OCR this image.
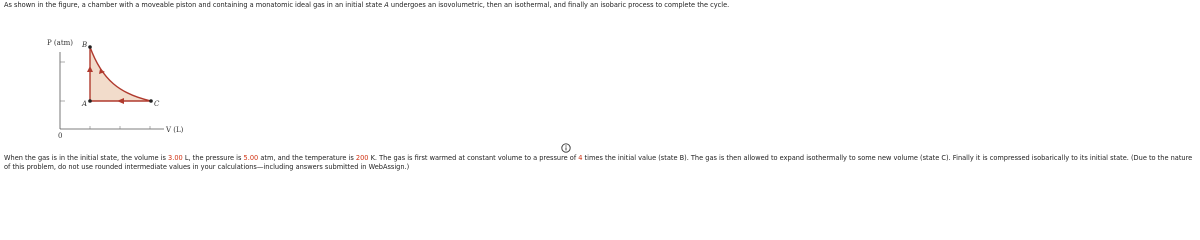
As shown in the figure, a chamber with a moveable piston and containing a monatomic ideal gas in an initial state A undergoes an isovolumetric, then an isothermal, and finally an isobaric process to complete the cycle.
P (atm) B
A	C
0
V (L)
When the gas is in the initial state, the volume is 3.00 L, the pressure is 5.00 atm, and the temperature is 200 K. The gas is first warmed at constant volume to a pressure of 4 times the initial value (state B). The gas is then allowed to expand isothermally to some new volume (state C). Finally it is compressed isobarically to its initial state. (Due to the nature of this problem, do not use rounded intermediate values in your calculations—including answers submitted in WebAssign.)
